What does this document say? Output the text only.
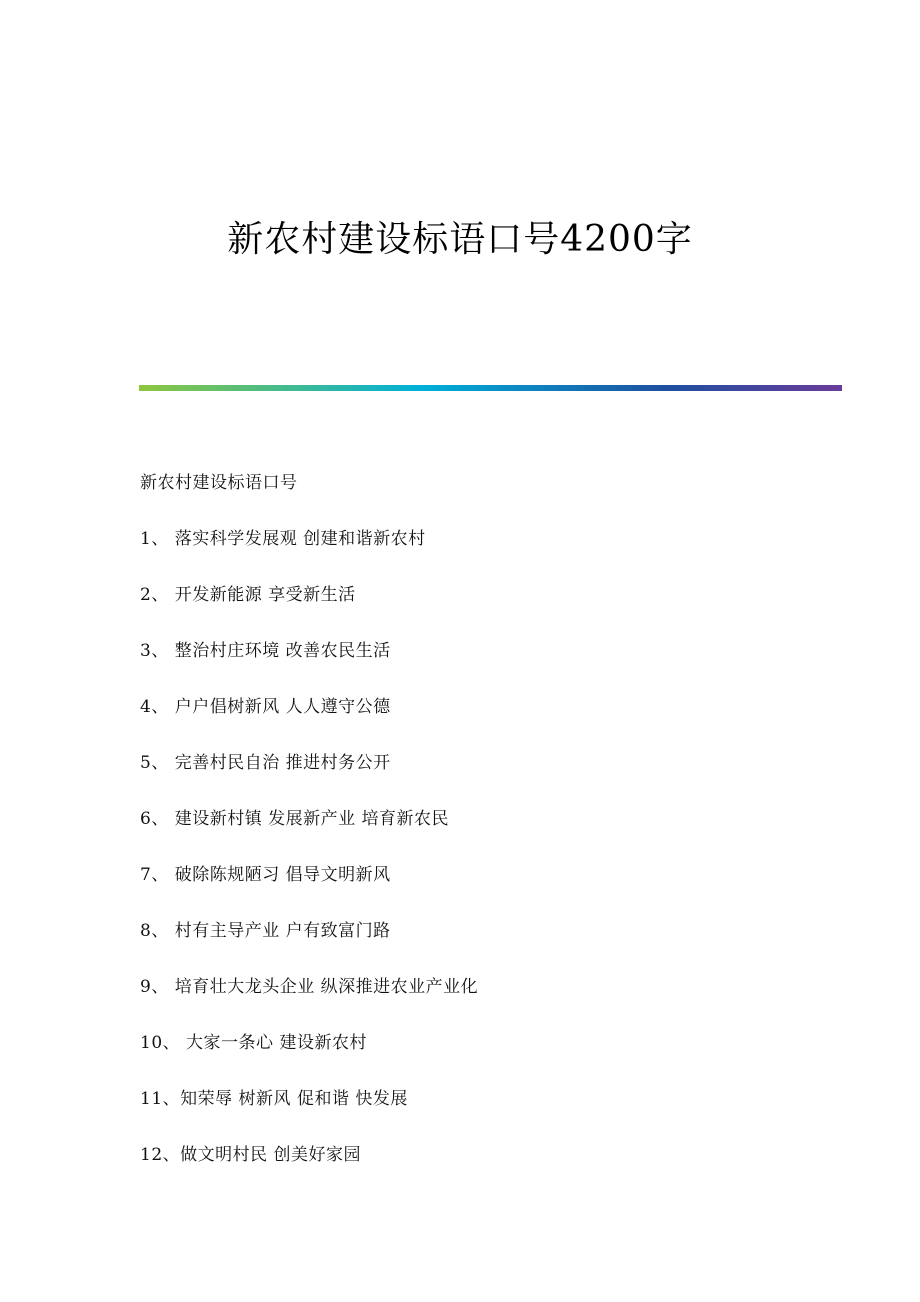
新农村建设标语口号4200字
新农村建设标语口号
1、 落实科学发展观 创建和谐新农村
2、 开发新能源 享受新生活
3、 整治村庄环境 改善农民生活
4、 户户倡树新风 人人遵守公德
5、 完善村民自治 推进村务公开
6、 建设新村镇 发展新产业 培育新农民
7、 破除陈规陋习 倡导文明新风
8、 村有主导产业 户有致富门路
9、 培育壮大龙头企业 纵深推进农业产业化
10、 大家一条心 建设新农村
11、知荣辱 树新风 促和谐 快发展
12、做文明村民 创美好家园
